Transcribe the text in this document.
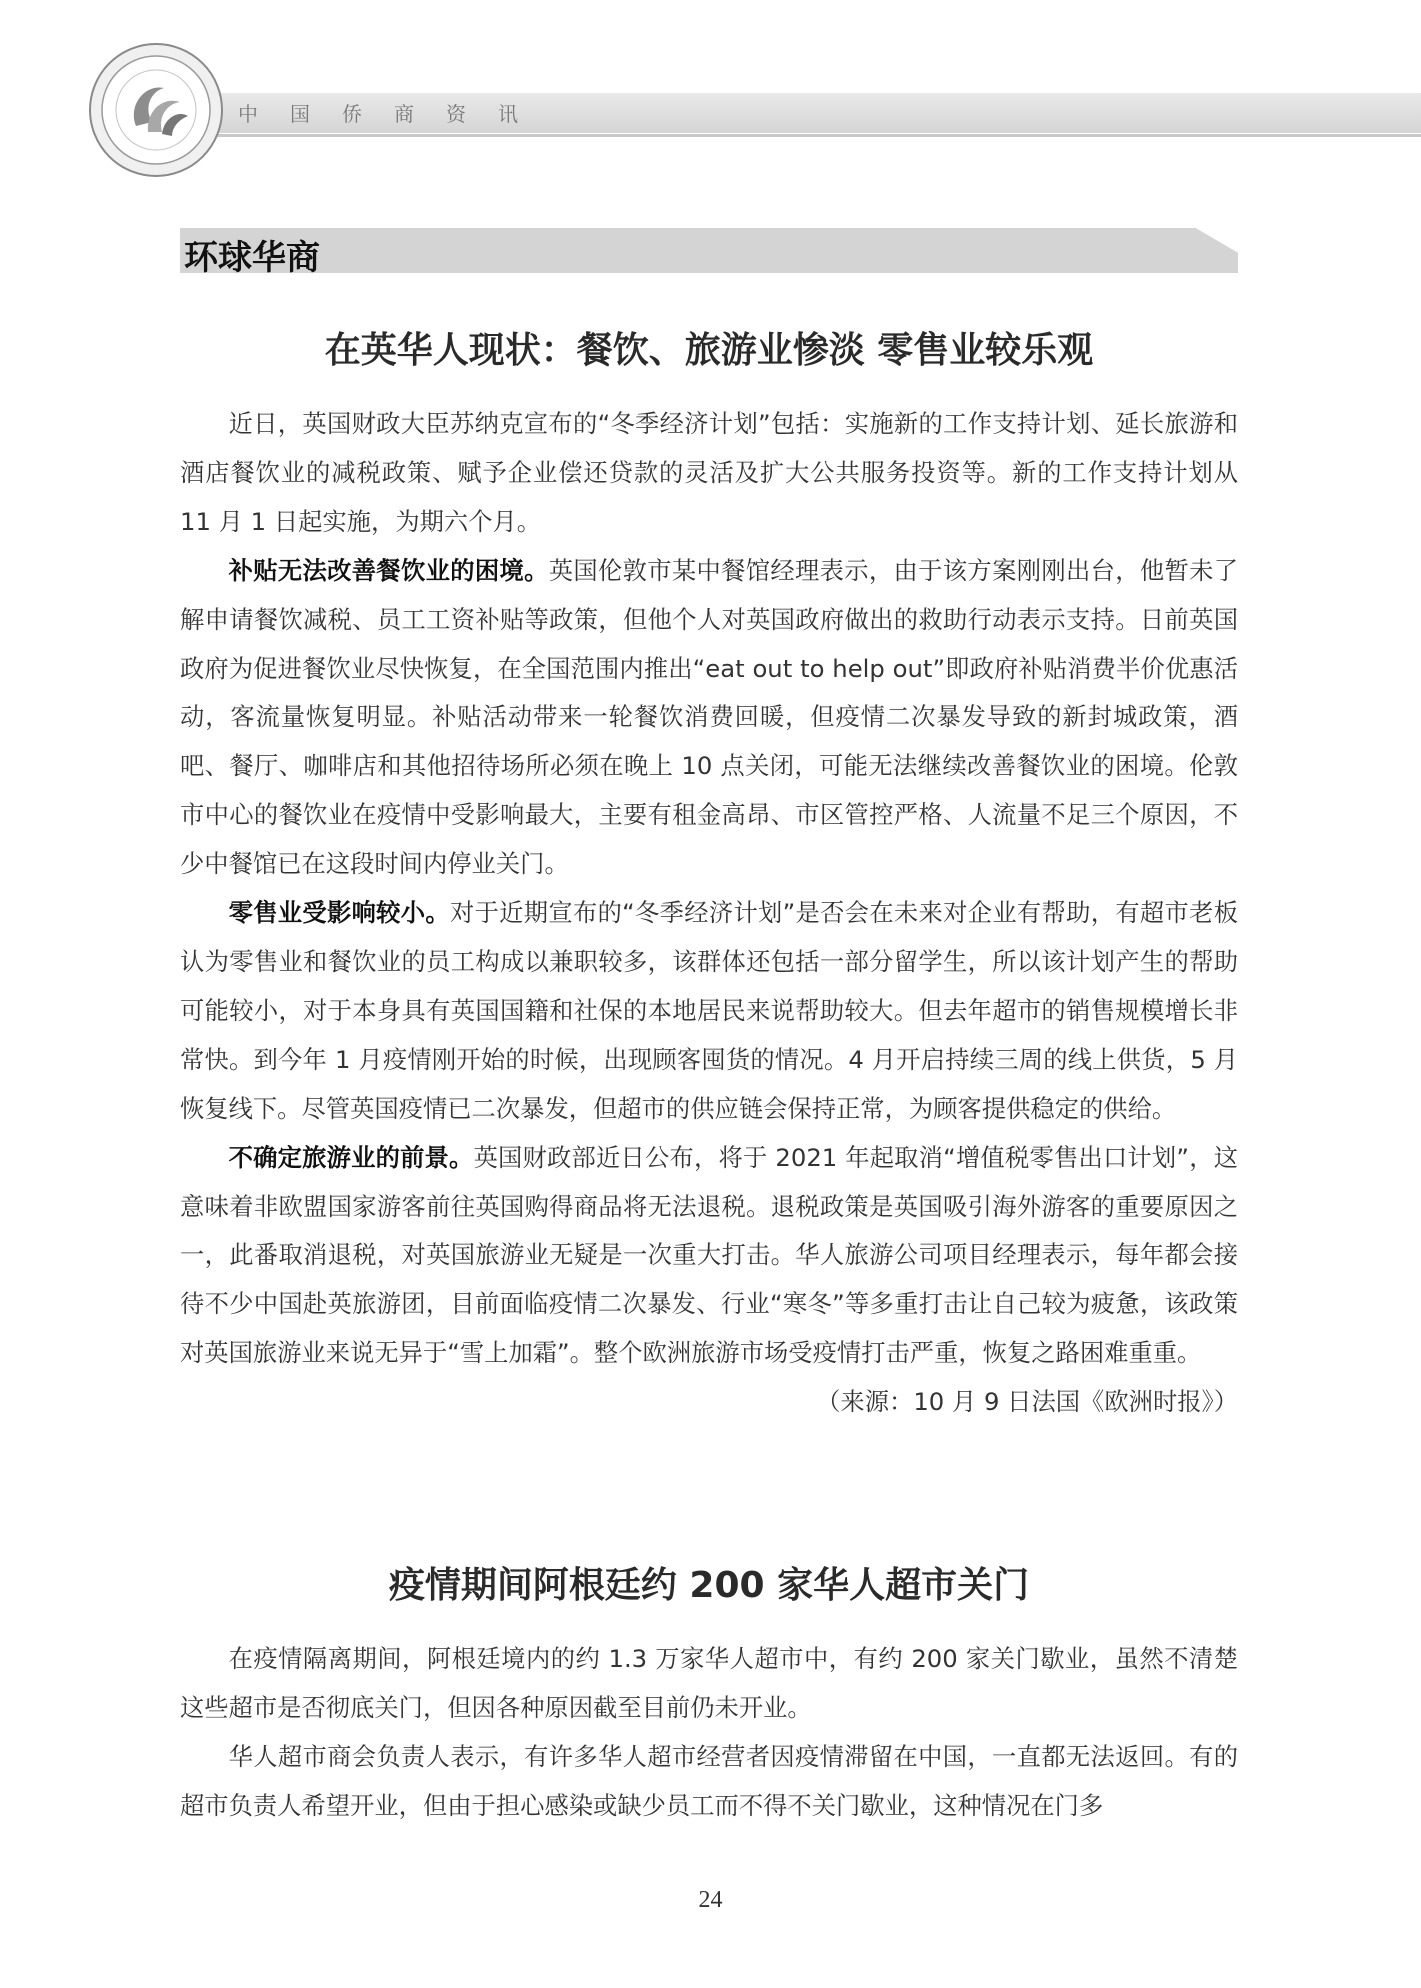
中国侨商资讯
环球华商
在英华人现状：餐饮、旅游业惨淡 零售业较乐观

近日，英国财政大臣苏纳克宣布的“冬季经济计划”包括：实施新的工作支持计划、延长旅游和酒店餐饮业的减税政策、赋予企业偿还贷款的灵活及扩大公共服务投资等。新的工作支持计划从 11 月 1 日起实施，为期六个月。

补贴无法改善餐饮业的困境。英国伦敦市某中餐馆经理表示，由于该方案刚刚出台，他暂未了解申请餐饮减税、员工工资补贴等政策，但他个人对英国政府做出的救助行动表示支持。日前英国政府为促进餐饮业尽快恢复，在全国范围内推出“eat out to help out”即政府补贴消费半价优惠活动，客流量恢复明显。补贴活动带来一轮餐饮消费回暖，但疫情二次暴发导致的新封城政策，酒吧、餐厅、咖啡店和其他招待场所必须在晚上 10 点关闭，可能无法继续改善餐饮业的困境。伦敦市中心的餐饮业在疫情中受影响最大，主要有租金高昂、市区管控严格、人流量不足三个原因，不少中餐馆已在这段时间内停业关门。

零售业受影响较小。对于近期宣布的“冬季经济计划”是否会在未来对企业有帮助，有超市老板认为零售业和餐饮业的员工构成以兼职较多，该群体还包括一部分留学生，所以该计划产生的帮助可能较小，对于本身具有英国国籍和社保的本地居民来说帮助较大。但去年超市的销售规模增长非常快。到今年 1 月疫情刚开始的时候，出现顾客囤货的情况。4 月开启持续三周的线上供货，5 月恢复线下。尽管英国疫情已二次暴发，但超市的供应链会保持正常，为顾客提供稳定的供给。

不确定旅游业的前景。英国财政部近日公布，将于 2021 年起取消“增值税零售出口计划”，这意味着非欧盟国家游客前往英国购得商品将无法退税。退税政策是英国吸引海外游客的重要原因之一，此番取消退税，对英国旅游业无疑是一次重大打击。华人旅游公司项目经理表示，每年都会接待不少中国赴英旅游团，目前面临疫情二次暴发、行业“寒冬”等多重打击让自己较为疲惫，该政策对英国旅游业来说无异于“雪上加霜”。整个欧洲旅游市场受疫情打击严重，恢复之路困难重重。
（来源：10 月 9 日法国《欧洲时报》）

疫情期间阿根廷约 200 家华人超市关门

在疫情隔离期间，阿根廷境内的约 1.3 万家华人超市中，有约 200 家关门歇业，虽然不清楚这些超市是否彻底关门，但因各种原因截至目前仍未开业。

华人超市商会负责人表示，有许多华人超市经营者因疫情滞留在中国，一直都无法返回。有的超市负责人希望开业，但由于担心感染或缺少员工而不得不关门歇业，这种情况在门多

24
